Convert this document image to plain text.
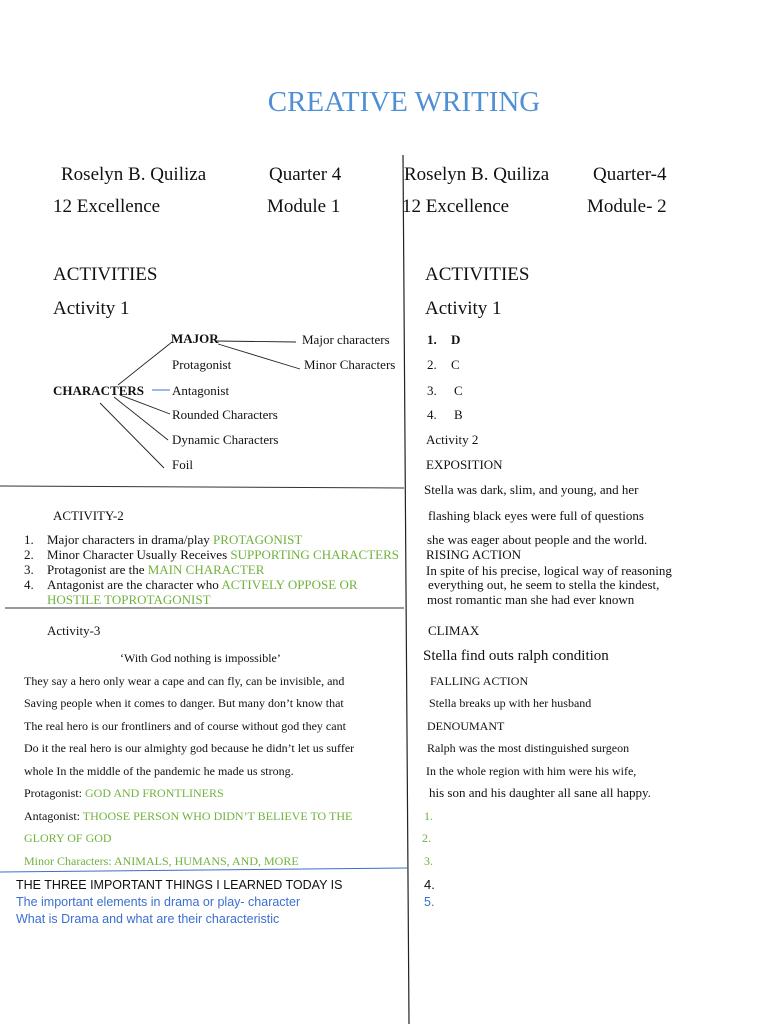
CREATIVE WRITING
Roselyn B. Quiliza	Quarter 4
12 Excellence	Module 1
Roselyn B. Quiliza Quarter-4
12 Excellence	Module- 2
ACTIVITIES
Activity 1
MAJOR	Major characters
Minor Characters
Protagonist
CHARACTERS Antagonist
Rounded Characters
Dynamic Characters
Foil
ACTIVITY-2
1. Major characters in drama/play PROTAGONIST
2. Minor Character Usually Receives SUPPORTING CHARACTERS
3. Protagonist are the MAIN CHARACTER
4. Antagonist are the character who ACTIVELY OPPOSE OR
HOSTILE TOPROTAGONIST
Activity-3
‘With God nothing is impossible’
They say a hero only wear a cape and can fly, can be invisible, and
Saving people when it comes to danger. But many don’t know that
The real hero is our frontliners and of course without god they cant
Do it the real hero is our almighty god because he didn’t let us suffer
whole In the middle of the pandemic he made us strong.
Protagonist: GOD AND FRONTLINERS
Antagonist: THOOSE PERSON WHO DIDN’T BELIEVE TO THE
GLORY OF GOD
Minor Characters: ANIMALS, HUMANS, AND, MORE
THE THREE IMPORTANT THINGS I LEARNED TODAY IS
The important elements in drama or play- character
What is Drama and what are their characteristic
ACTIVITIES
Activity 1
1. D
2. C
3. C
4. B
Activity 2
EXPOSITION
Stella was dark, slim, and young, and her
flashing black eyes were full of questions
she was eager about people and the world.
RISING ACTION
In spite of his precise, logical way of reasoning
everything out, he seem to stella the kindest,
most romantic man she had ever known
CLIMAX
Stella find outs ralph condition
FALLING ACTION
Stella breaks up with her husband
DENOUMANT
Ralph was the most distinguished surgeon
In the whole region with him were his wife,
his son and his daughter all sane all happy.
1.
2.
3.
4.
5.
